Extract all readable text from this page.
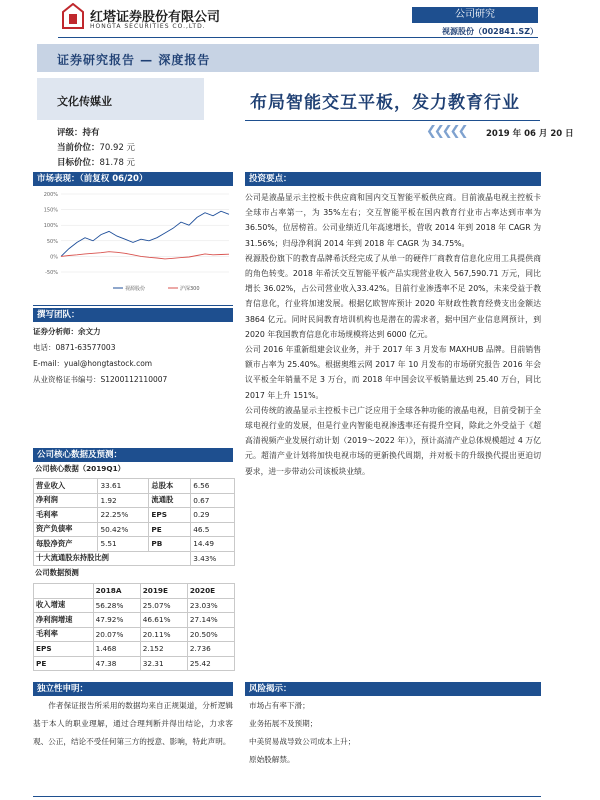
红塔证券股份有限公司
HONGTA SECURITIES CO.,LTD.
公司研究
视源股份（002841.SZ）
证券研究报告 — 深度报告
文化传媒业	布局智能交互平板，发力教育行业
❮❮❮❮❮ 2019 年 06 月 20 日
评级：持有
当前价位：70.92 元
目标价位：81.78 元
市场表现：（前复权 06/20）
200%
150%
100%
50%
0%
-50%
视源股份	沪深300
撰写团队：
证券分析师：余文力
电话：0871-63577003
E-mail：yual@hongtastock.com
从业资格证书编号：S1200112110007
公司核心数据及预测：
公司核心数据（2019Q1）
营业收入	33.61	总股本	6.56
净利润	1.92	流通股	0.67
毛利率	22.25%	EPS	0.29
资产负债率	50.42%	PE	46.5
每股净资产	5.51	PB	14.49
十大流通股东持股比例			3.43%
公司数据预测
	2018A	2019E	2020E
收入增速	56.28%	25.07%	23.03%
净利润增速	47.92%	46.61%	27.14%
毛利率	20.07%	20.11%	20.50%
EPS	1.468	2.152	2.736
PE	47.38	32.31	25.42
投资要点：

公司是液晶显示主控板卡供应商和国内交互智能平板供应商。目前液晶电视主控板卡全球市占率第一，为 35%左右；交互智能平板在国内教育行业市占率达到市率为 36.50%，位居榜首。公司业绩近几年高速增长，营收 2014 年到 2018 年 CAGR 为 31.56%；归母净利润 2014 年到 2018 年 CAGR 为 34.75%。

视源股份旗下的教育品牌希沃经完成了从单一的硬件厂商教育信息化应用工具提供商的角色转变。2018 年希沃交互智能平板产品实现营业收入 567,590.71 万元，同比增长 36.02%，占公司营业收入33.42%。目前行业渗透率不足 20%，未来受益于教育信息化，行业将加速发展。根据亿欧智库预计 2020 年财政性教育经费支出金额达3864 亿元。同时民间教育培训机构也是潜在的需求者，据中国产业信息网预计，到 2020 年我国教育信息化市场规模将达到 6000 亿元。

公司 2016 年重新组建会议业务，并于 2017 年 3 月发布 MAXHUB 品牌。目前销售额市占率为 25.40%。根据奥维云网 2017 年 10 月发布的市场研究报告 2016 年会议平板全年销量不足 3 万台，而 2018 年中国会议平板销量达到 25.40 万台，同比 2017 年上升 151%。

公司传统的液晶显示主控板卡已广泛应用于全球各种功能的液晶电视，目前受制于全球电视行业的发展，但是行业内智能电视渗透率还有提升空间，除此之外受益于《超高清视频产业发展行动计划（2019～2022 年）》，预计高清产业总体规模超过 4 万亿元。超清产业计划将加快电视市场的更新换代周期，并对板卡的升级换代提出更迫切要求，进一步带动公司该板块业绩。

独立性申明：
作者保证报告所采用的数据均来自正规渠道，分析逻辑基于本人的职业理解，通过合理判断并得出结论，力求客观、公正，结论不受任何第三方的授意、影响，特此声明。
风险揭示：
市场占有率下滑；
业务拓展不及预期；
中美贸易战导致公司成本上升；
原始股解禁。
